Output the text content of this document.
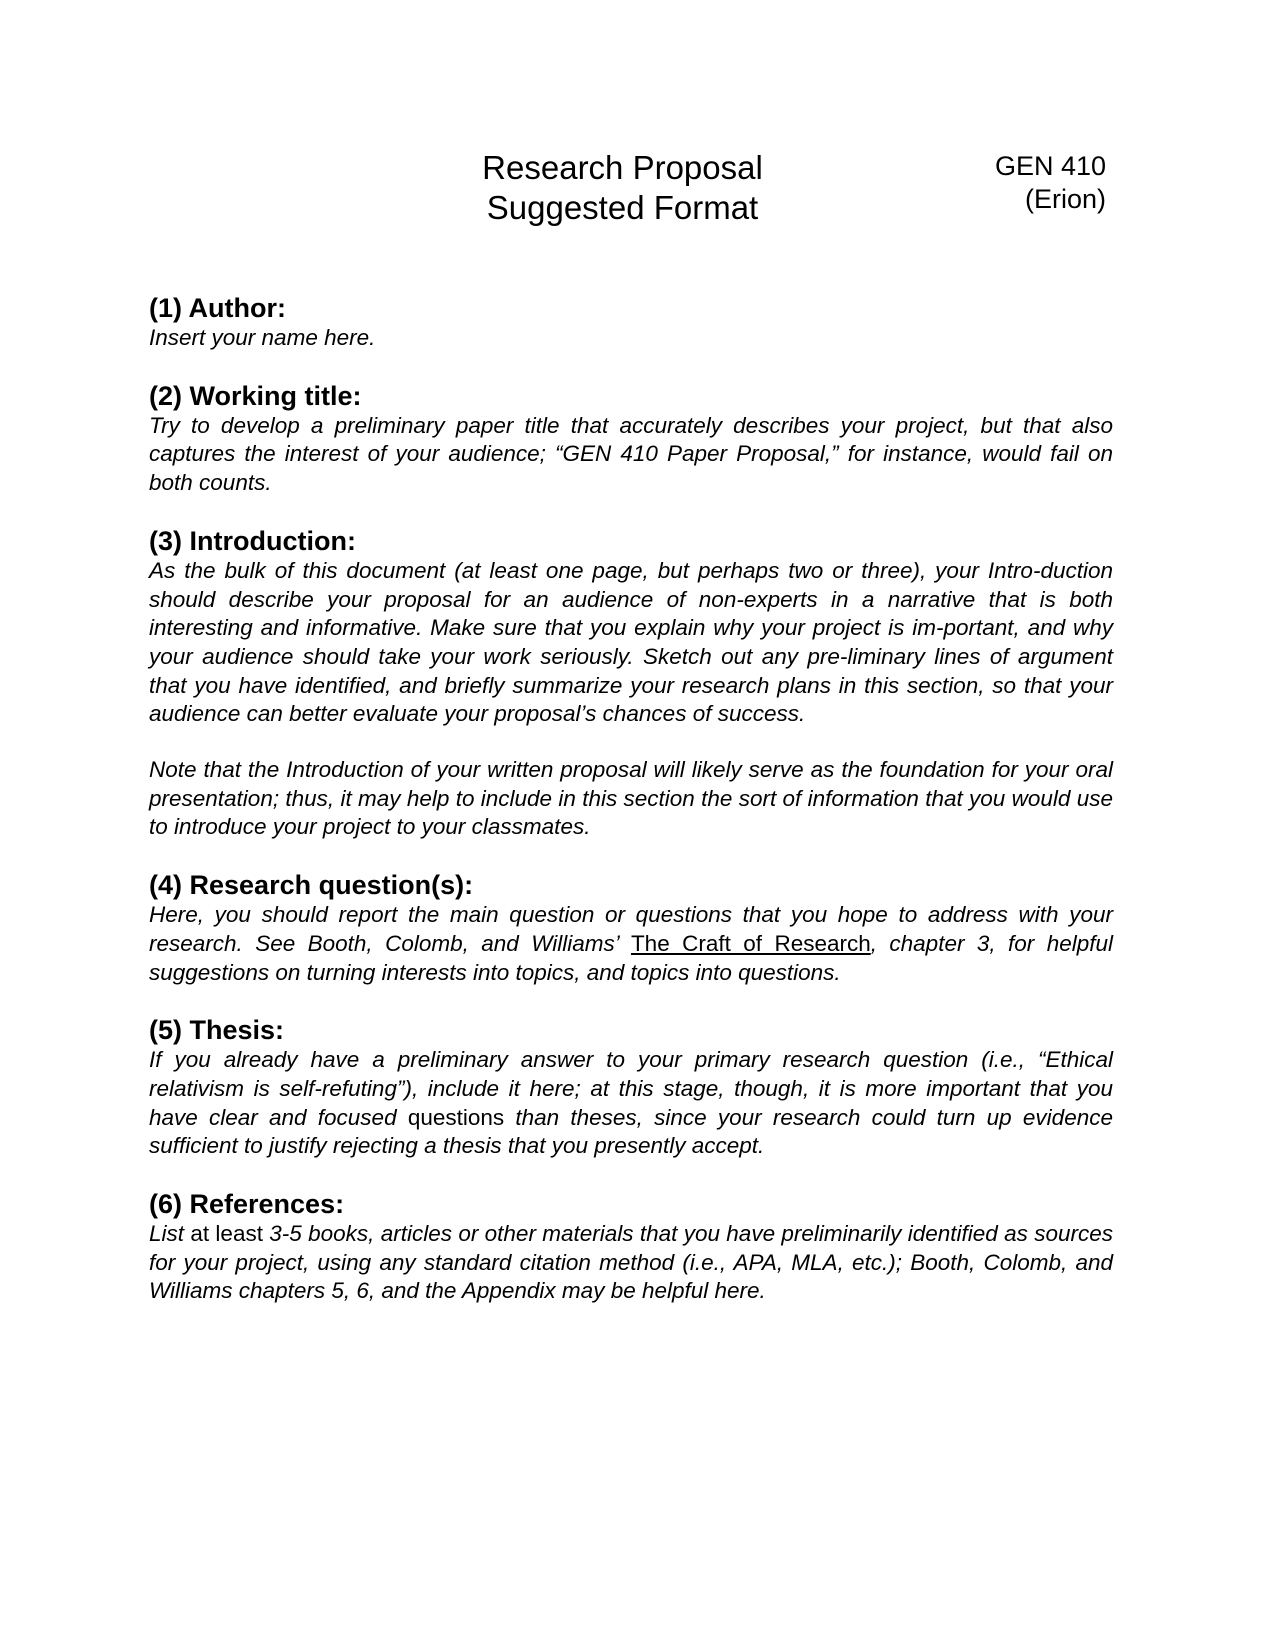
Research Proposal
Suggested Format
GEN 410
(Erion)

(1) Author:

Insert your name here.

(2) Working title:

Try to develop a preliminary paper title that accurately describes your project, but that also captures the interest of your audience; “GEN 410 Paper Proposal,” for instance, would fail on both counts.

(3) Introduction:

As the bulk of this document (at least one page, but perhaps two or three), your Intro-duction should describe your proposal for an audience of non-experts in a narrative that is both interesting and informative. Make sure that you explain why your project is im-portant, and why your audience should take your work seriously. Sketch out any pre-liminary lines of argument that you have identified, and briefly summarize your research plans in this section, so that your audience can better evaluate your proposal’s chances of success.

Note that the Introduction of your written proposal will likely serve as the foundation for your oral presentation; thus, it may help to include in this section the sort of information that you would use to introduce your project to your classmates.

(4) Research question(s):

Here, you should report the main question or questions that you hope to address with your research. See Booth, Colomb, and Williams’ The Craft of Research, chapter 3, for helpful suggestions on turning interests into topics, and topics into questions.

(5) Thesis:

If you already have a preliminary answer to your primary research question (i.e., “Ethical relativism is self-refuting”), include it here; at this stage, though, it is more important that you have clear and focused questions than theses, since your research could turn up evidence sufficient to justify rejecting a thesis that you presently accept.

(6) References:

List at least 3-5 books, articles or other materials that you have preliminarily identified as sources for your project, using any standard citation method (i.e., APA, MLA, etc.); Booth, Colomb, and Williams chapters 5, 6, and the Appendix may be helpful here.
